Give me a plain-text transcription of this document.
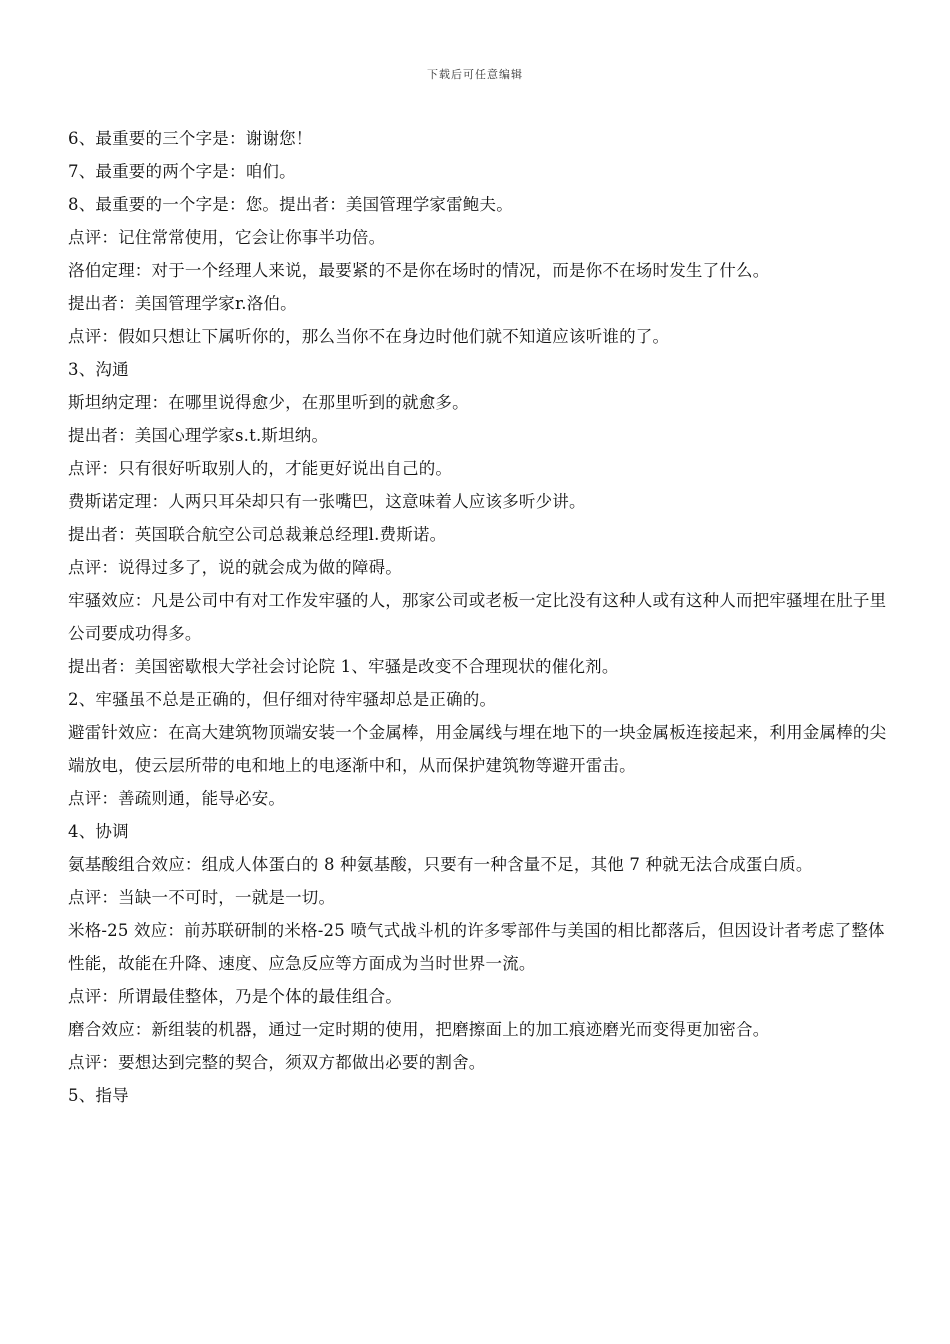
下载后可任意编辑

6、最重要的三个字是：谢谢您！

7、最重要的两个字是：咱们。

8、最重要的一个字是：您。提出者：美国管理学家雷鲍夫。

点评：记住常常使用，它会让你事半功倍。

洛伯定理：对于一个经理人来说，最要紧的不是你在场时的情况，而是你不在场时发生了什么。

提出者：美国管理学家r.洛伯。

点评：假如只想让下属听你的，那么当你不在身边时他们就不知道应该听谁的了。

3、沟通

斯坦纳定理：在哪里说得愈少，在那里听到的就愈多。

提出者：美国心理学家s.t.斯坦纳。

点评：只有很好听取别人的，才能更好说出自己的。

费斯诺定理：人两只耳朵却只有一张嘴巴，这意味着人应该多听少讲。

提出者：英国联合航空公司总裁兼总经理l.费斯诺。

点评：说得过多了，说的就会成为做的障碍。

牢骚效应：凡是公司中有对工作发牢骚的人，那家公司或老板一定比没有这种人或有这种人而把牢骚埋在肚子里公司要成功得多。

提出者：美国密歇根大学社会讨论院 1、牢骚是改变不合理现状的催化剂。

2、牢骚虽不总是正确的，但仔细对待牢骚却总是正确的。

避雷针效应：在高大建筑物顶端安装一个金属棒，用金属线与埋在地下的一块金属板连接起来，利用金属棒的尖端放电，使云层所带的电和地上的电逐渐中和，从而保护建筑物等避开雷击。

点评：善疏则通，能导必安。

4、协调

氨基酸组合效应：组成人体蛋白的 8 种氨基酸，只要有一种含量不足，其他 7 种就无法合成蛋白质。

点评：当缺一不可时，一就是一切。

米格-25 效应：前苏联研制的米格-25 喷气式战斗机的许多零部件与美国的相比都落后，但因设计者考虑了整体性能，故能在升降、速度、应急反应等方面成为当时世界一流。

点评：所谓最佳整体，乃是个体的最佳组合。

磨合效应：新组装的机器，通过一定时期的使用，把磨擦面上的加工痕迹磨光而变得更加密合。

点评：要想达到完整的契合，须双方都做出必要的割舍。

5、指导
